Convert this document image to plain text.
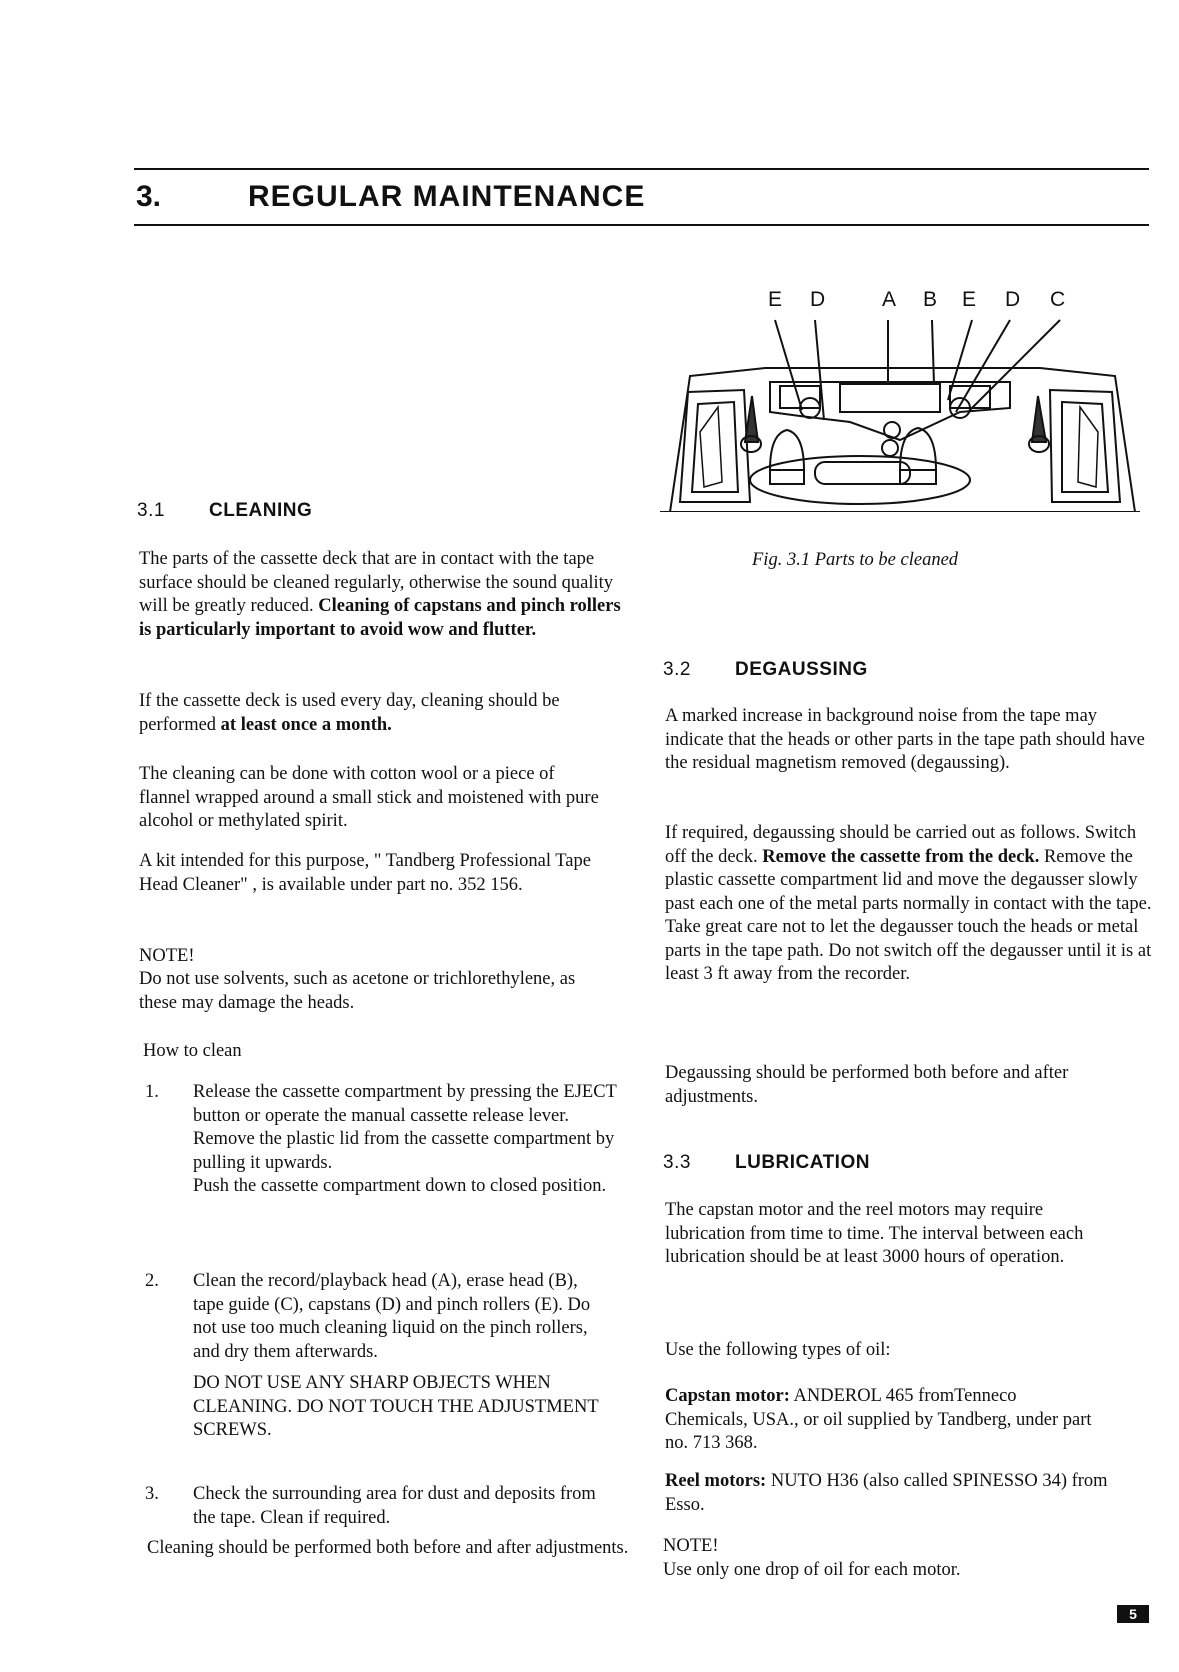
3.	REGULAR MAINTENANCE
3.1 CLEANING
The parts of the cassette deck that are in contact with the tape surface should be cleaned regularly, otherwise the sound quality will be greatly reduced. Cleaning of capstans and pinch rollers is particularly important to avoid wow and flutter.
If the cassette deck is used every day, cleaning should be performed at least once a month.
The cleaning can be done with cotton wool or a piece of flannel wrapped around a small stick and moistened with pure alcohol or methylated spirit.
A kit intended for this purpose, " Tandberg Professional Tape Head Cleaner" , is available under part no. 352 156.
NOTE!
Do not use solvents, such as acetone or trichlorethylene, as these may damage the heads.
How to clean
1. Release the cassette compartment by pressing the EJECT button or operate the manual cassette release lever.
Remove the plastic lid from the cassette compartment by pulling it upwards.
Push the cassette compartment down to closed position.
2. Clean the record/playback head (A), erase head (B), tape guide (C), capstans (D) and pinch rollers (E). Do not use too much cleaning liquid on the pinch rollers, and dry them afterwards.
DO NOT USE ANY SHARP OBJECTS WHEN CLEANING. DO NOT TOUCH THE ADJUSTMENT SCREWS.
3. Check the surrounding area for dust and deposits from the tape. Clean if required.
Cleaning should be performed both before and after adjustments.
E D	A B E D C
Fig. 3.1 Parts to be cleaned
3.2 DEGAUSSING
A marked increase in background noise from the tape may indicate that the heads or other parts in the tape path should have the residual magnetism removed (degaussing).
If required, degaussing should be carried out as follows. Switch off the deck. Remove the cassette from the deck. Remove the plastic cassette compartment lid and move the degausser slowly past each one of the metal parts normally in contact with the tape. Take great care not to let the degausser touch the heads or metal parts in the tape path. Do not switch off the degausser until it is at least 3 ft away from the recorder.
Degaussing should be performed both before and after adjustments.
3.3 LUBRICATION
The capstan motor and the reel motors may require lubrication from time to time. The interval between each lubrication should be at least 3000 hours of operation.
Use the following types of oil:
Capstan motor: ANDEROL 465 fromTenneco Chemicals, USA., or oil supplied by Tandberg, under part no. 713 368.
Reel motors: NUTO H36 (also called SPINESSO 34) from Esso.
NOTE!
Use only one drop of oil for each motor.
5
